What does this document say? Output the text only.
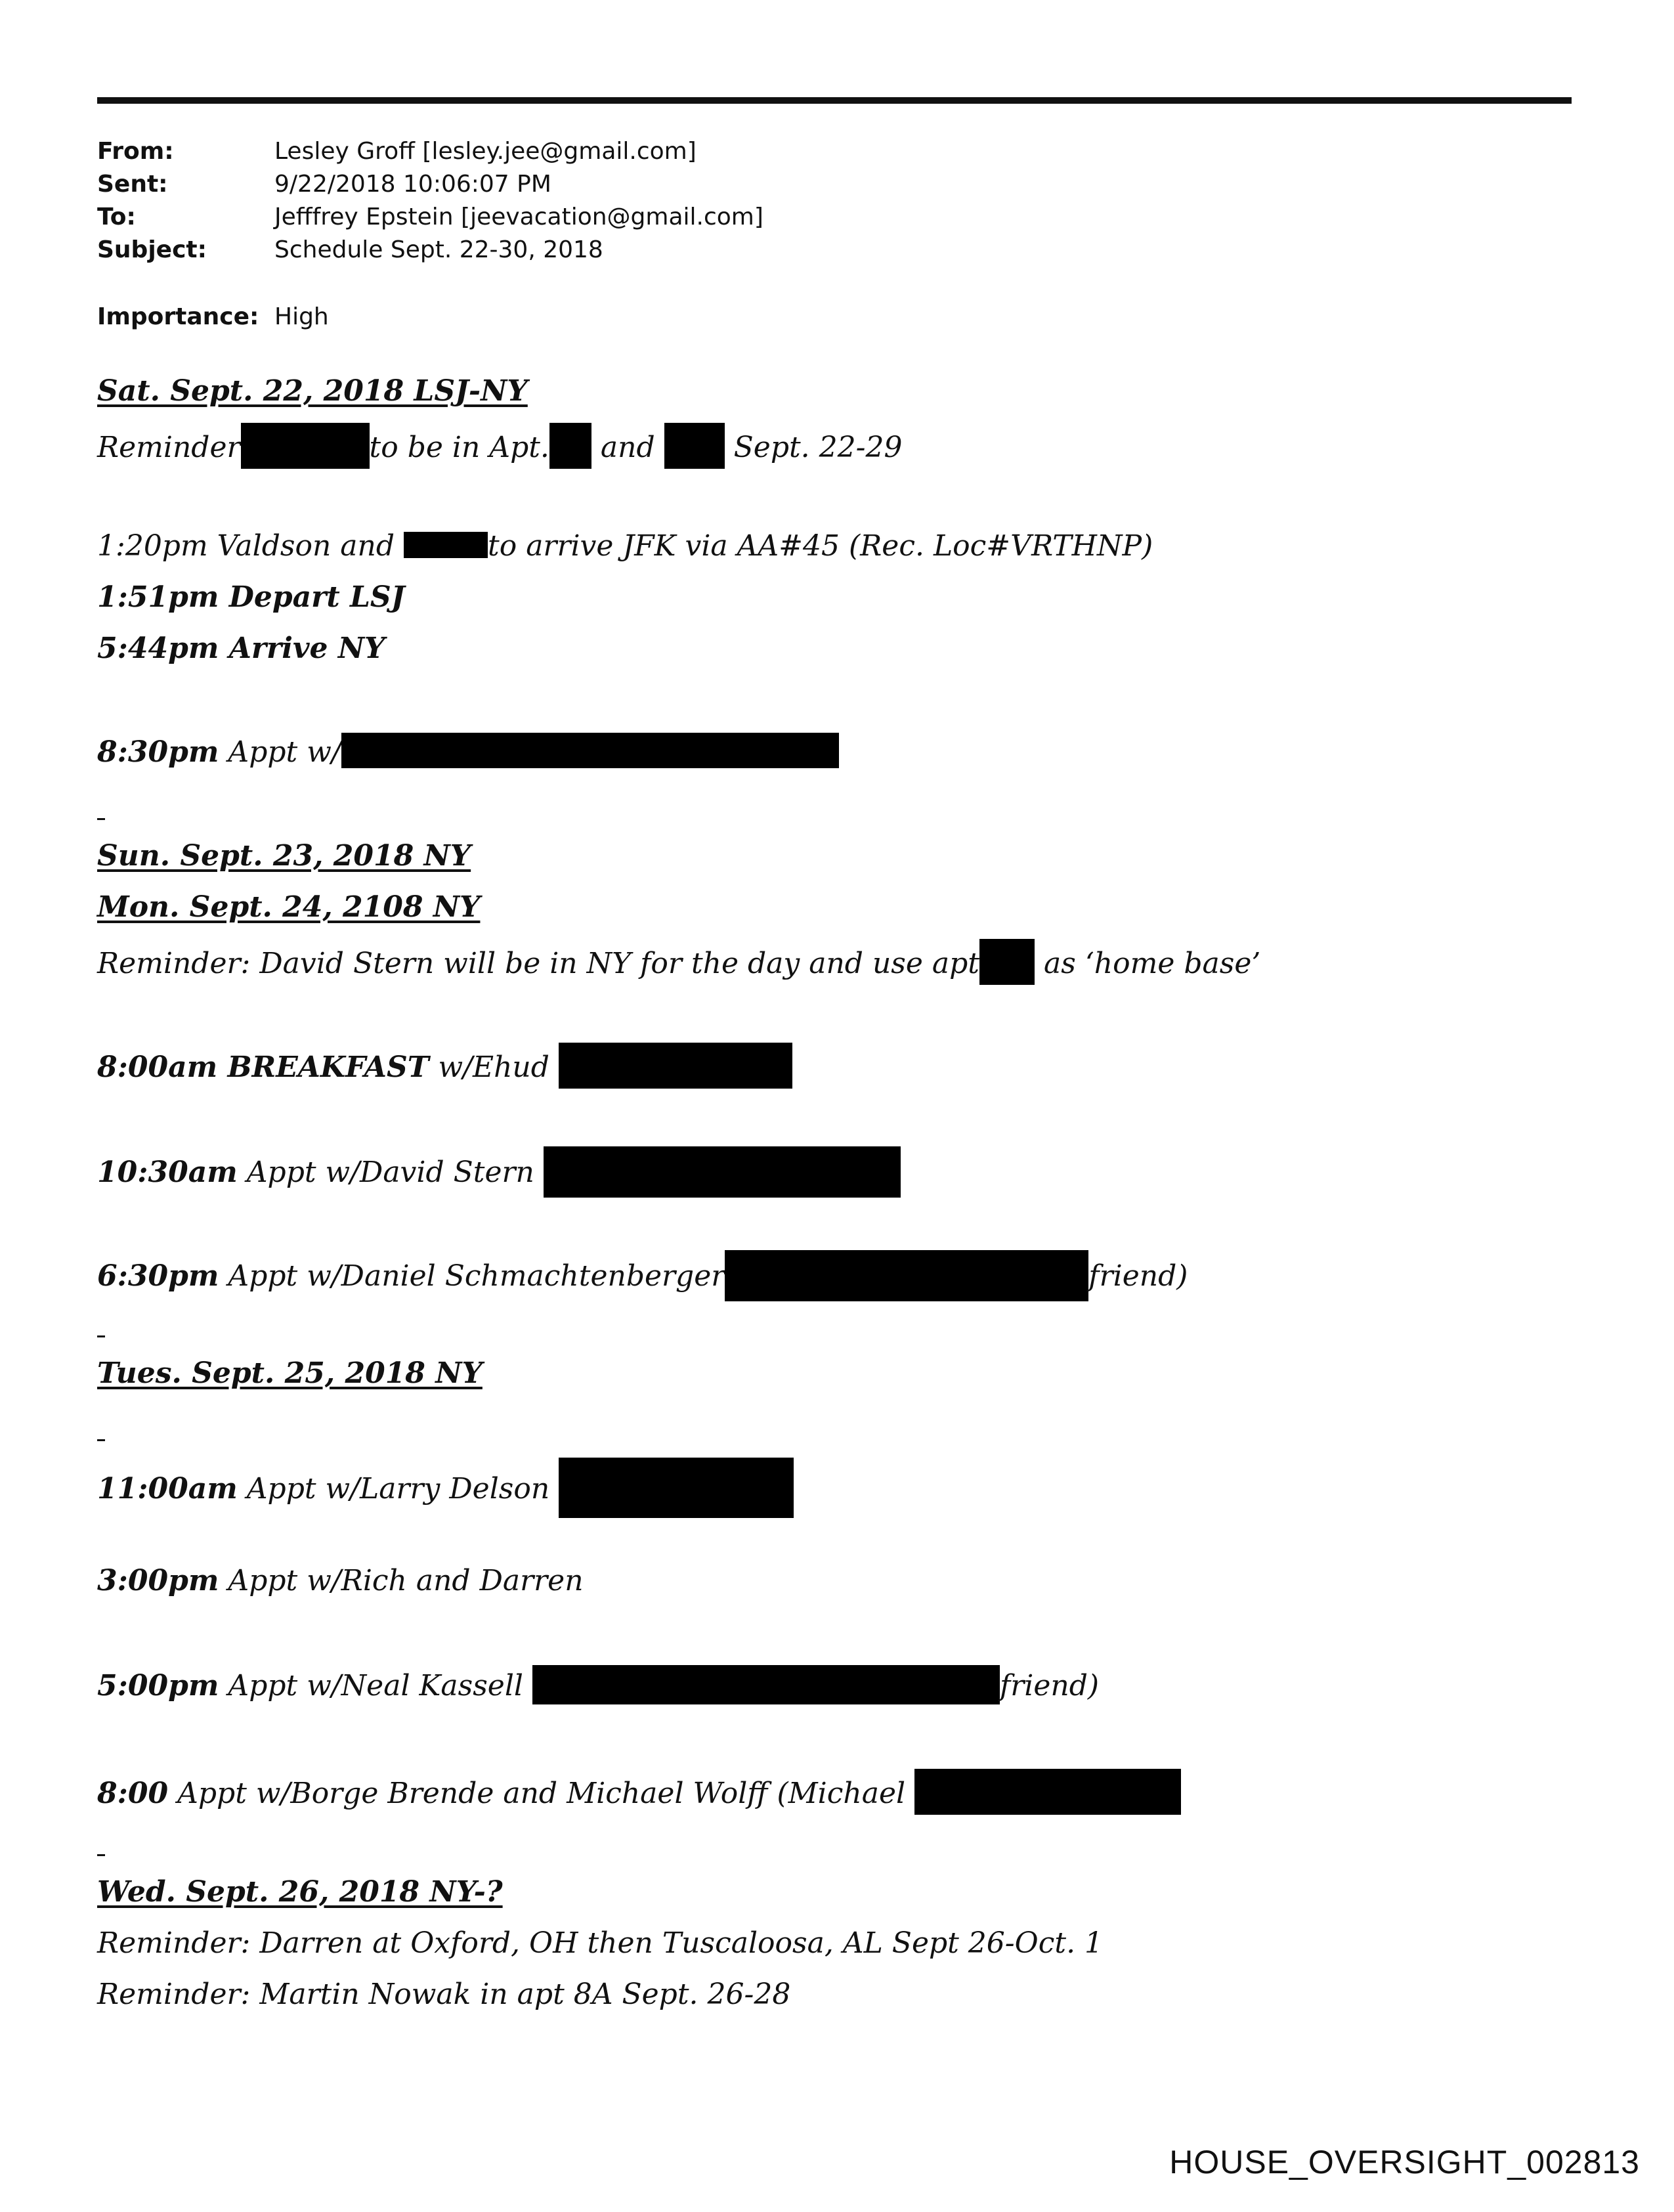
From:	Lesley Groff [lesley.jee@gmail.com]
Sent:	9/22/2018 10:06:07 PM
To:	Jefffrey Epstein [jeevacation@gmail.com]
Subject:	Schedule Sept. 22-30, 2018
Importance: High
Sat. Sept. 22, 2018 LSJ-NY
Reminder	to be in Apt. and	Sept. 22-29
1:20pm Valdson and	to arrive JFK via AA#45 (Rec. Loc#VRTHNP)
1:51pm Depart LSJ
5:44pm Arrive NY
8:30pm Appt w/
Sun. Sept. 23, 2018 NY
Mon. Sept. 24, 2108 NY
Reminder: David Stern will be in NY for the day and use apt as ‘home base’
8:00am BREAKFAST w/Ehud
10:30am Appt w/David Stern
6:30pm Appt w/Daniel Schmachtenberger	friend)
Tues. Sept. 25, 2018 NY
11:00am Appt w/Larry Delson
3:00pm Appt w/Rich and Darren
5:00pm Appt w/Neal Kassell	friend)
8:00 Appt w/Borge Brende and Michael Wolff (Michael
Wed. Sept. 26, 2018 NY-?
Reminder: Darren at Oxford, OH then Tuscaloosa, AL Sept 26-Oct. 1
Reminder: Martin Nowak in apt 8A Sept. 26-28
HOUSE_OVERSIGHT_002813
